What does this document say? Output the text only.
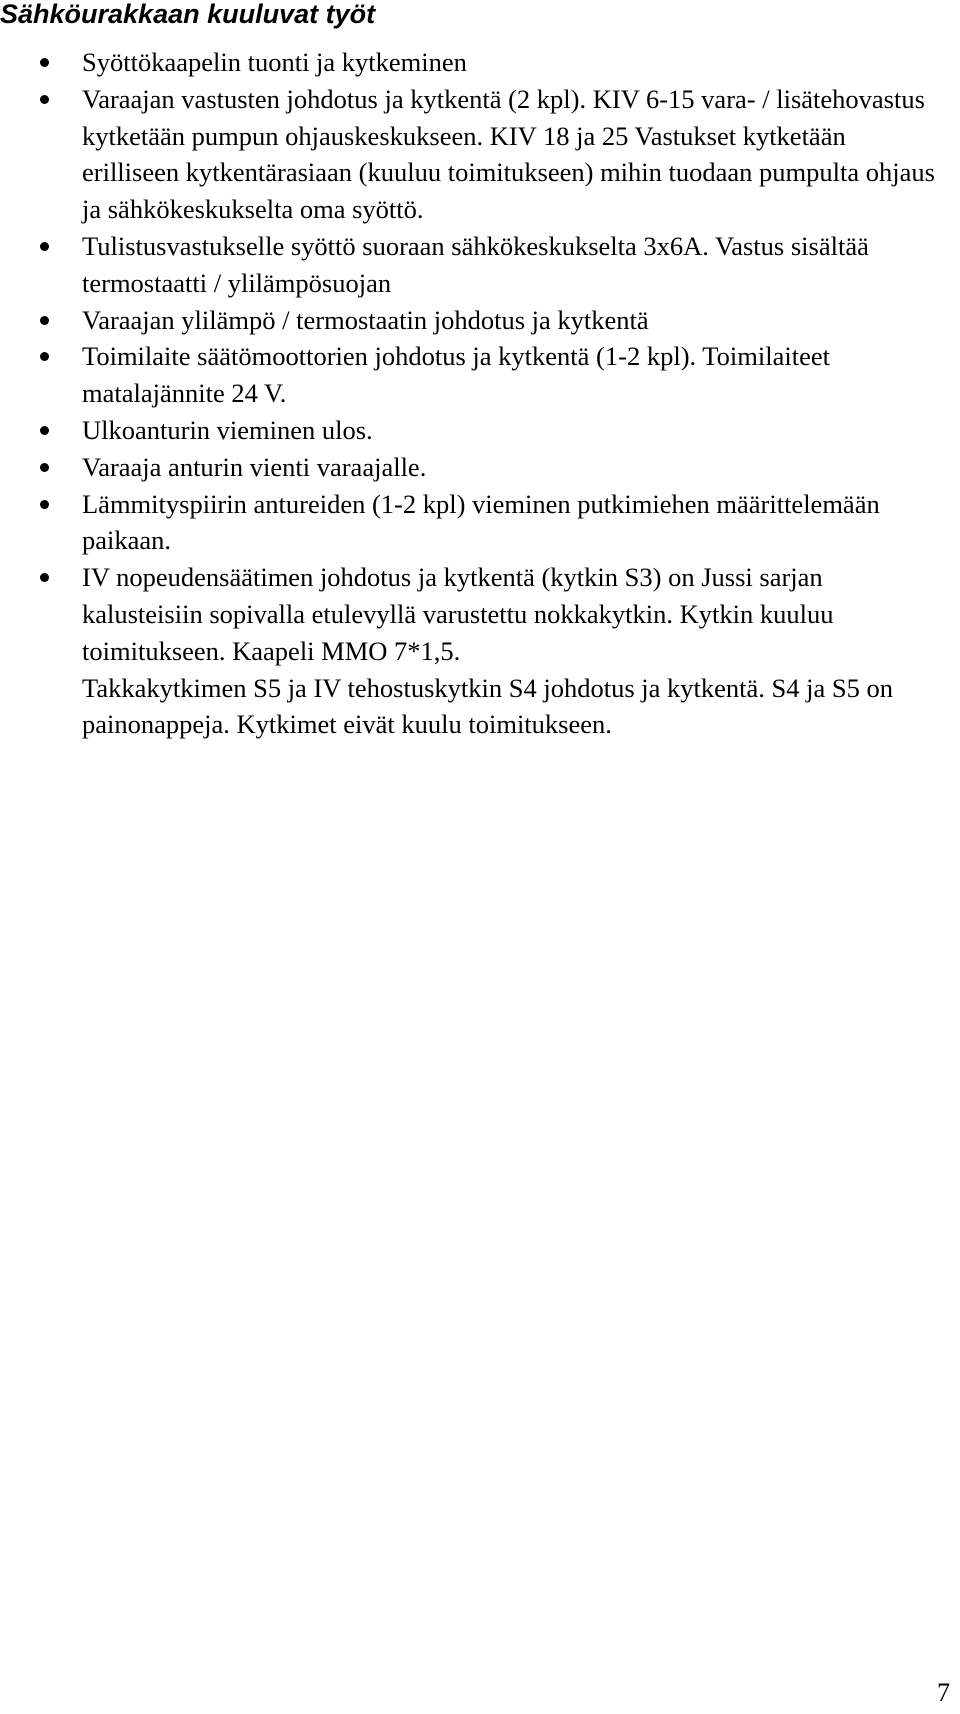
Sähköurakkaan kuuluvat työt
Syöttökaapelin tuonti ja kytkeminen
Varaajan vastusten johdotus ja kytkentä (2 kpl). KIV 6-15 vara- / lisätehovastus kytketään pumpun ohjauskeskukseen. KIV 18 ja 25 Vastukset kytketään erilliseen kytkentärasiaan (kuuluu toimitukseen) mihin tuodaan pumpulta ohjaus ja sähkökeskukselta oma syöttö.
Tulistusvastukselle syöttö suoraan sähkökeskukselta 3x6A. Vastus sisältää termostaatti / ylilämpösuojan
Varaajan ylilämpö / termostaatin johdotus ja kytkentä
Toimilaite säätömoottorien johdotus ja kytkentä (1-2 kpl). Toimilaiteet matalajännite 24 V.
Ulkoanturin vieminen ulos.
Varaaja anturin vienti varaajalle.
Lämmityspiirin antureiden (1-2 kpl) vieminen putkimiehen määrittelemään paikaan.
IV nopeudensäätimen johdotus ja kytkentä (kytkin S3) on Jussi sarjan kalusteisiin sopivalla etulevyllä varustettu nokkakytkin. Kytkin kuuluu toimitukseen. Kaapeli MMO 7*1,5.
Takkakytkimen S5 ja IV tehostuskytkin S4 johdotus ja kytkentä. S4 ja S5 on painonappeja. Kytkimet eivät kuulu toimitukseen.
7
